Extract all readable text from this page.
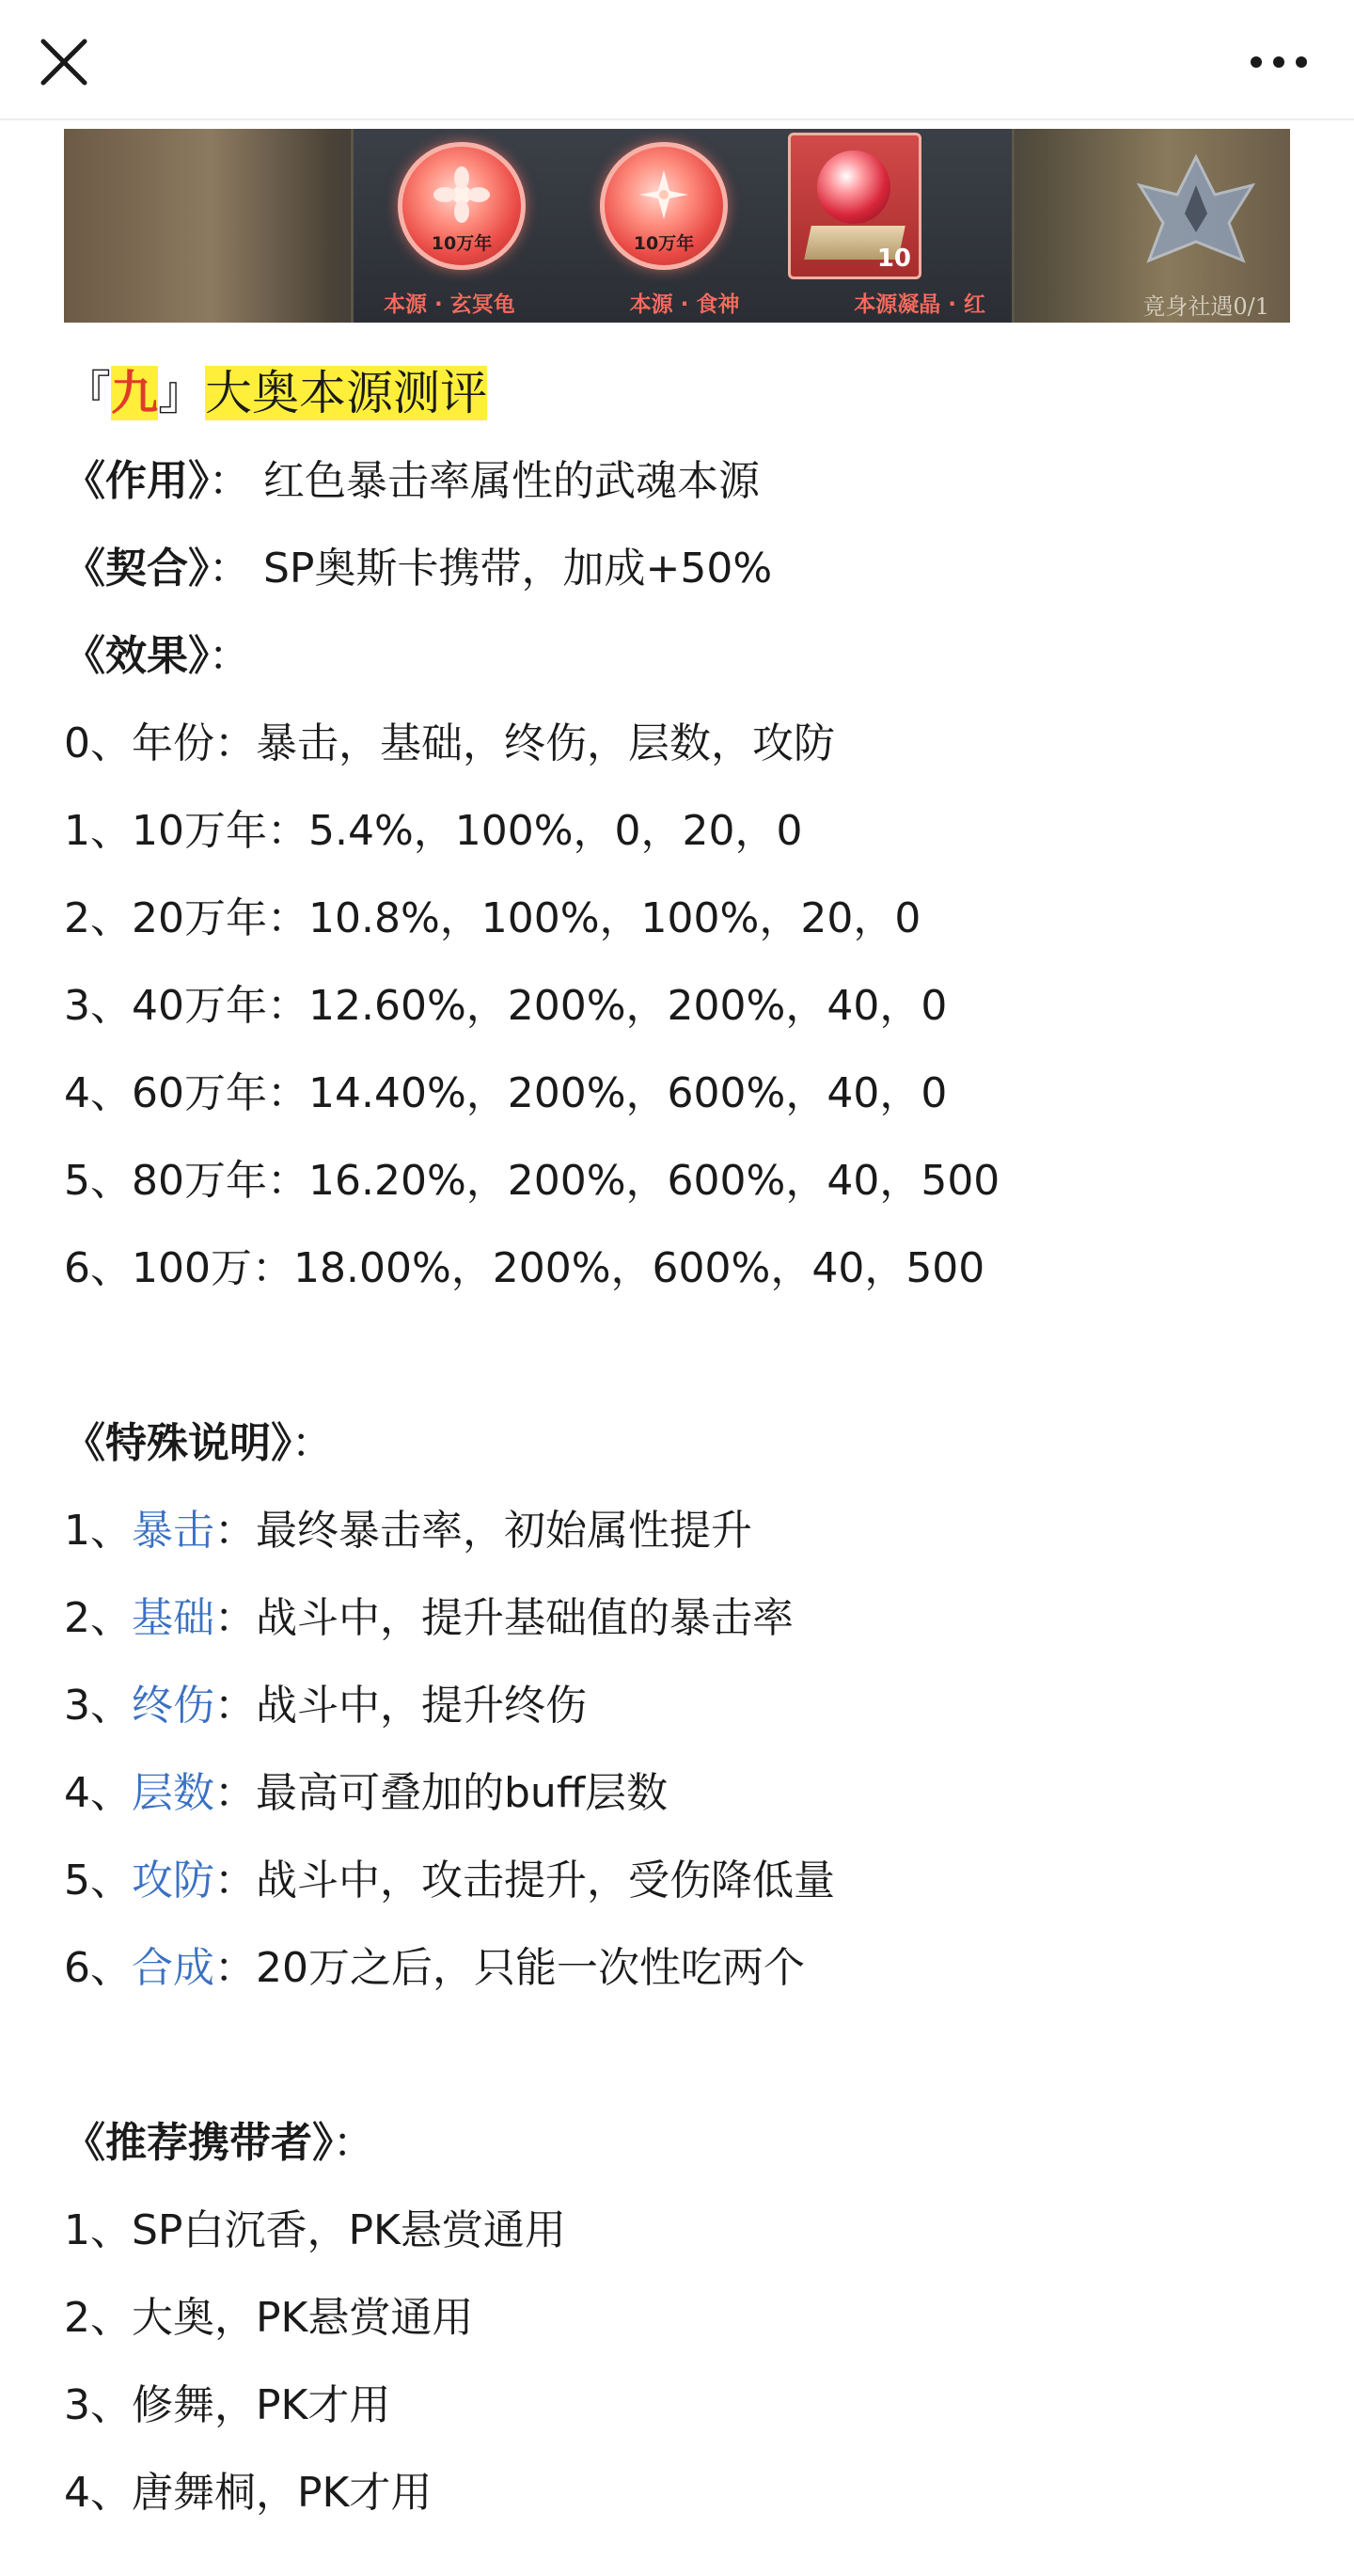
10万年	10万年
10
本源 · 玄冥龟	本源 · 食神	本源凝晶 · 红	竟身社遇0/1
『九』大奥本源测评
《作用》： 红色暴击率属性的武魂本源
《契合》： SP奥斯卡携带，加成+50%
《效果》：
0、年份：暴击，基础，终伤，层数，攻防
1、10万年：5.4%，100%，0，20，0
2、20万年：10.8%，100%，100%，20，0
3、40万年：12.60%，200%，200%，40，0
4、60万年：14.40%，200%，600%，40，0
5、80万年：16.20%，200%，600%，40，500
6、100万：18.00%，200%，600%，40，500
《特殊说明》：
1、暴击：最终暴击率，初始属性提升
2、基础：战斗中，提升基础值的暴击率
3、终伤：战斗中，提升终伤
4、层数：最高可叠加的buff层数
5、攻防：战斗中，攻击提升，受伤降低量
6、合成：20万之后，只能一次性吃两个
《推荐携带者》：
1、SP白沉香，PK悬赏通用
2、大奥，PK悬赏通用
3、修舞，PK才用
4、唐舞桐，PK才用
